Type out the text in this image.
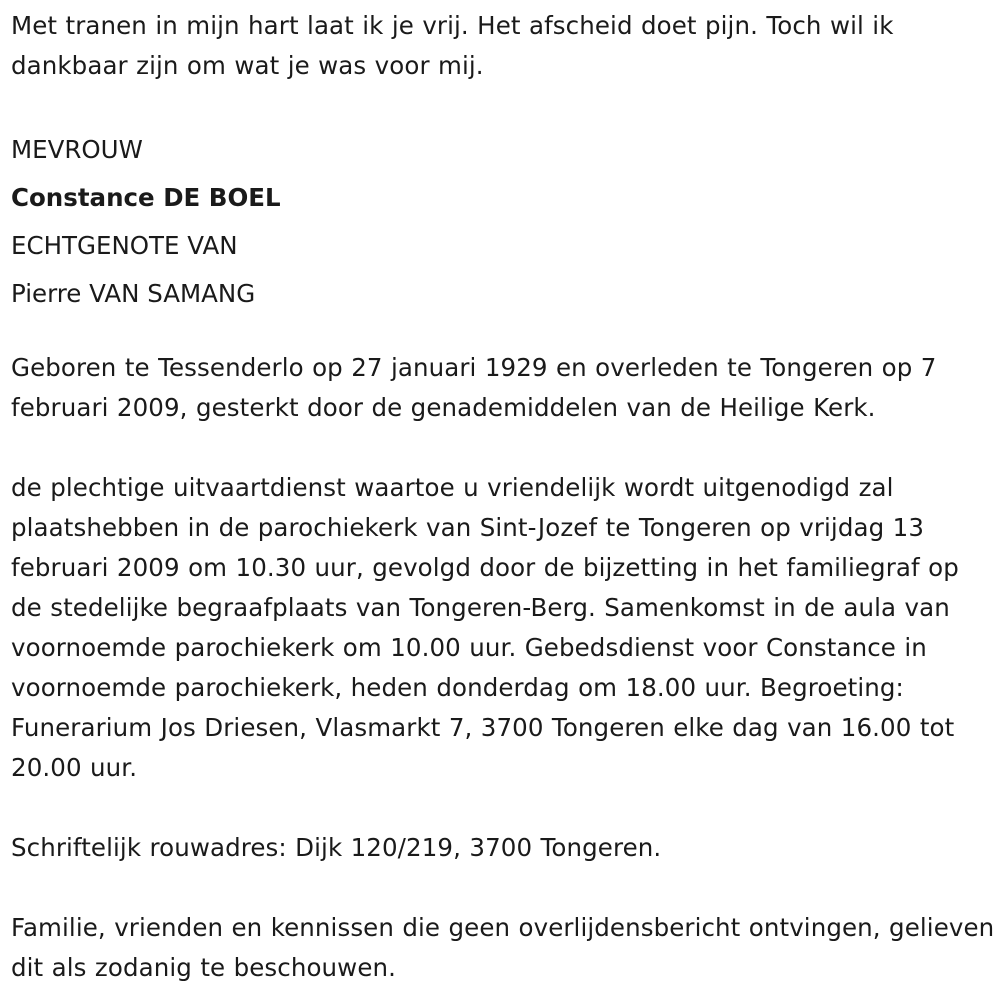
Met tranen in mijn hart laat ik je vrij. Het afscheid doet pijn. Toch wil ik dankbaar zijn om wat je was voor mij.

MEVROUW

Constance DE BOEL

ECHTGENOTE VAN

Pierre VAN SAMANG

Geboren te Tessenderlo op 27 januari 1929 en overleden te Tongeren op 7 februari 2009, gesterkt door de genademiddelen van de Heilige Kerk.

de plechtige uitvaartdienst waartoe u vriendelijk wordt uitgenodigd zal plaatshebben in de parochiekerk van Sint-Jozef te Tongeren op vrijdag 13 februari 2009 om 10.30 uur, gevolgd door de bijzetting in het familiegraf op de stedelijke begraafplaats van Tongeren-Berg. Samenkomst in de aula van voornoemde parochiekerk om 10.00 uur. Gebedsdienst voor Constance in voornoemde parochiekerk, heden donderdag om 18.00 uur. Begroeting: Funerarium Jos Driesen, Vlasmarkt 7, 3700 Tongeren elke dag van 16.00 tot 20.00 uur.

Schriftelijk rouwadres: Dijk 120/219, 3700 Tongeren.

Familie, vrienden en kennissen die geen overlijdensbericht ontvingen, gelieven dit als zodanig te beschouwen.
